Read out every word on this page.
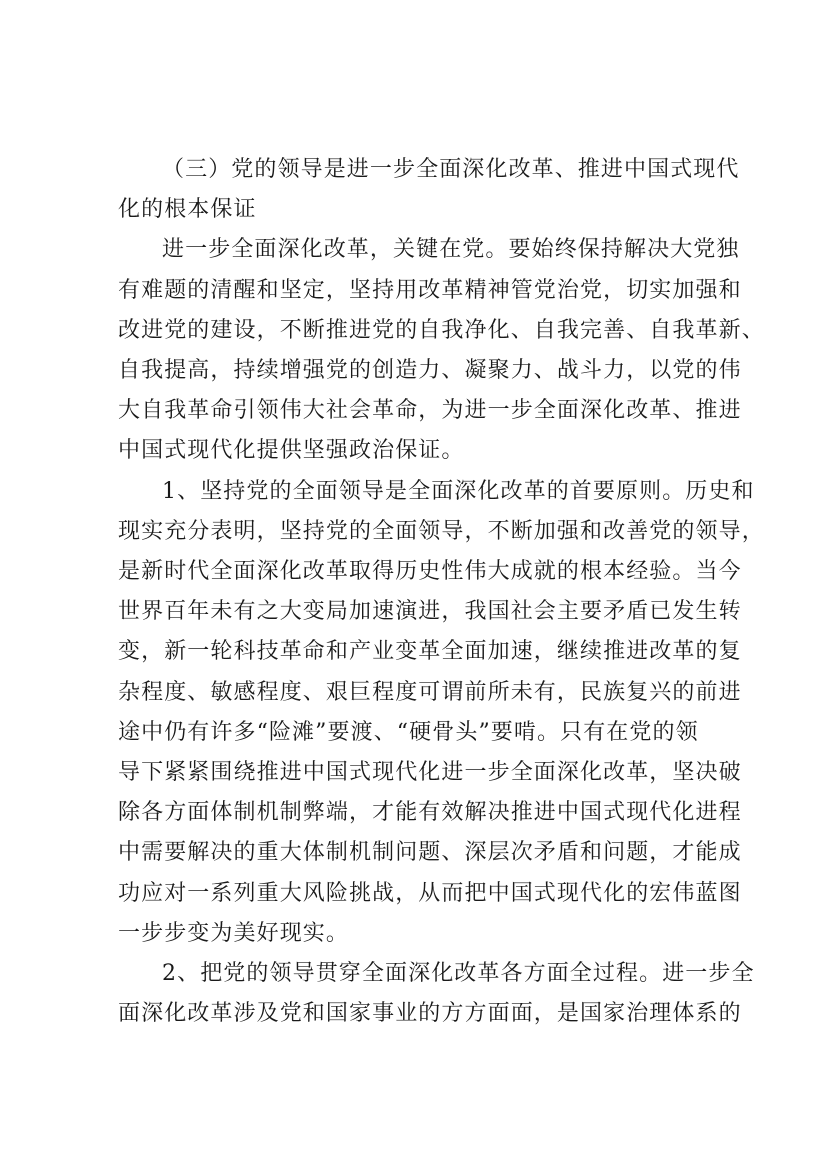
（三）党的领导是进一步全面深化改革、推进中国式现代
化的根本保证

进一步全面深化改革，关键在党。要始终保持解决大党独
有难题的清醒和坚定，坚持用改革精神管党治党，切实加强和
改进党的建设，不断推进党的自我净化、自我完善、自我革新、
自我提高，持续增强党的创造力、凝聚力、战斗力，以党的伟
大自我革命引领伟大社会革命，为进一步全面深化改革、推进
中国式现代化提供坚强政治保证。

1、坚持党的全面领导是全面深化改革的首要原则。历史和
现实充分表明，坚持党的全面领导，不断加强和改善党的领导，
是新时代全面深化改革取得历史性伟大成就的根本经验。当今
世界百年未有之大变局加速演进，我国社会主要矛盾已发生转
变，新一轮科技革命和产业变革全面加速，继续推进改革的复
杂程度、敏感程度、艰巨程度可谓前所未有，民族复兴的前进
途中仍有许多“险滩”要渡、“硬骨头”要啃。只有在党的领
导下紧紧围绕推进中国式现代化进一步全面深化改革，坚决破
除各方面体制机制弊端，才能有效解决推进中国式现代化进程
中需要解决的重大体制机制问题、深层次矛盾和问题，才能成
功应对一系列重大风险挑战，从而把中国式现代化的宏伟蓝图
一步步变为美好现实。

2、把党的领导贯穿全面深化改革各方面全过程。进一步全
面深化改革涉及党和国家事业的方方面面，是国家治理体系的
